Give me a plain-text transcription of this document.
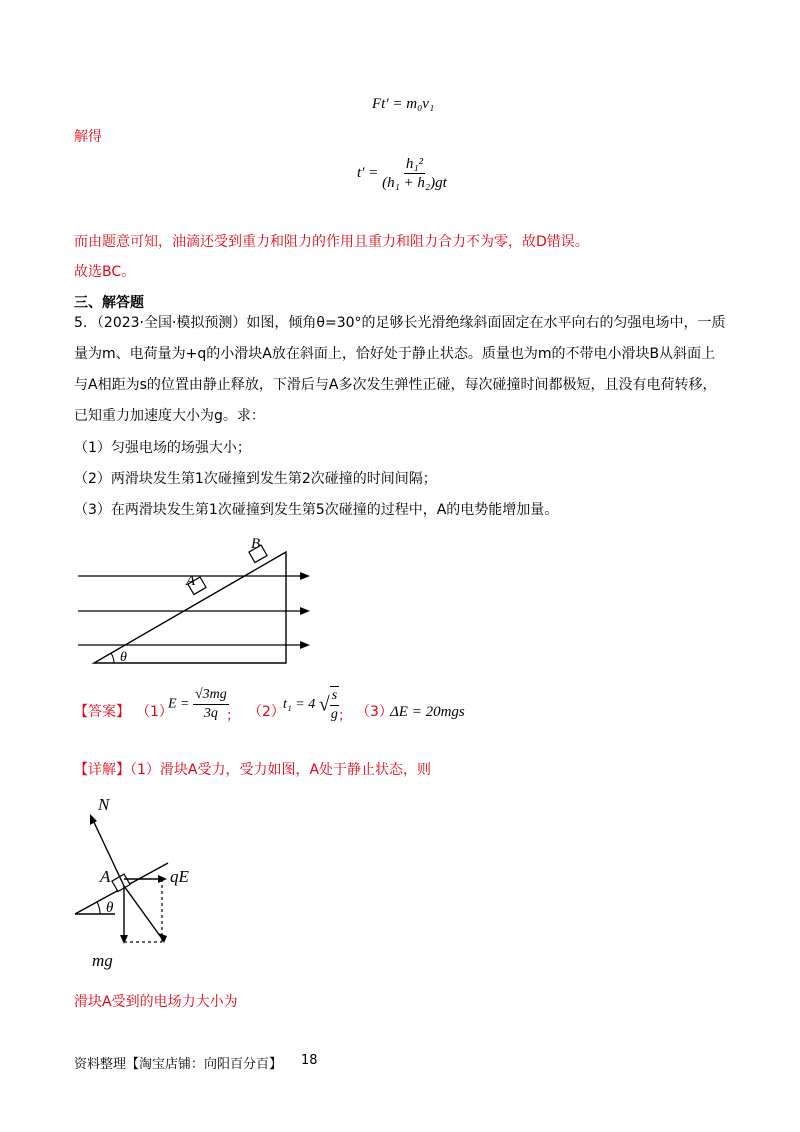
Ft′ = m₀v₁
解得
$t' = \frac{\text{h₁²}}{\text{(h₁ + h₂)gt}}$
而由题意可知，油滴还受到重力和阻力的作用且重力和阻力合力不为零，故D错误。
故选BC。
三、解答题
5．（2023·全国·模拟预测）如图，倾角θ=30°的足够长光滑绝缘斜面固定在水平向右的匀强电场中，一质
量为m、电荷量为+q的小滑块A放在斜面上，恰好处于静止状态。质量也为m的不带电小滑块B从斜面上
与A相距为s的位置由静止释放，下滑后与A多次发生弹性正碰，每次碰撞时间都极短，且没有电荷转移，
已知重力加速度大小为g。求：
（1）匀强电场的场强大小；
（2）两滑块发生第1次碰撞到发生第2次碰撞的时间间隔；
（3）在两滑块发生第1次碰撞到发生第5次碰撞的过程中，A的电势能增加量。
A
B
θ
【答案】 （1）
$E = \frac{√3mg}{3q}$
； （2）
t₁ = 4 √ $\frac{s}{g}$
； （3）
ΔE = 20mgs
【详解】（1）滑块A受力，受力如图，A处于静止状态，则
N
A	qE
θ
mg
滑块A受到的电场力大小为
资料整理【淘宝店铺：向阳百分百】 18
